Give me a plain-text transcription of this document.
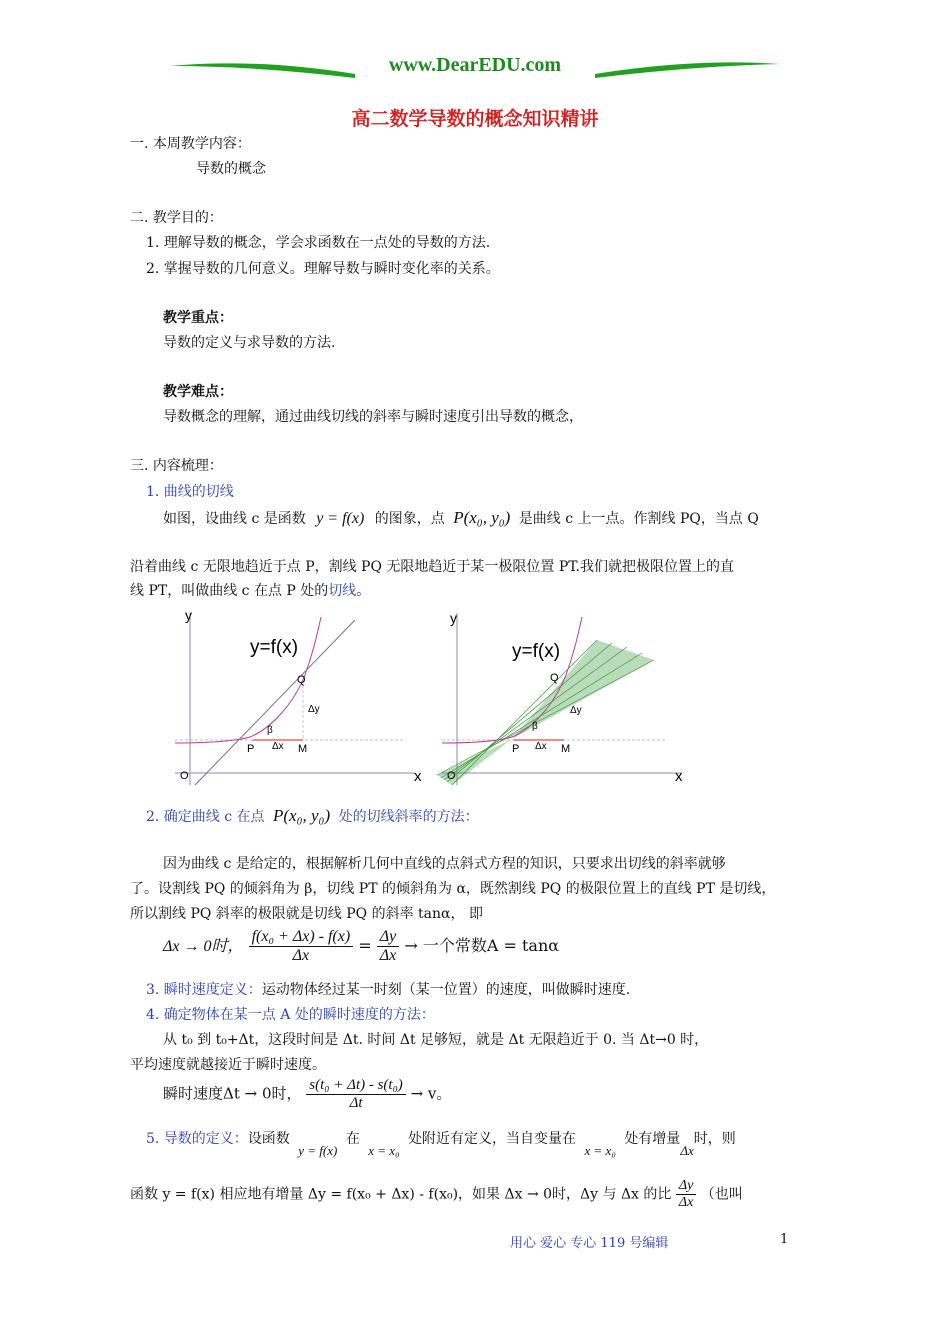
www.DearEDU.com
高二数学导数的概念知识精讲
一. 本周教学内容：
导数的概念
二. 教学目的：
1. 理解导数的概念，学会求函数在一点处的导数的方法.
2. 掌握导数的几何意义。理解导数与瞬时变化率的关系。
教学重点：
导数的定义与求导数的方法.
教学难点：
导数概念的理解，通过曲线切线的斜率与瞬时速度引出导数的概念，
三. 内容梳理：
1. 曲线的切线
如图，设曲线 c 是函数 y = f(x) 的图象，点 P(x₀, y₀) 是曲线 c 上一点。作割线 PQ，当点 Q
沿着曲线 c 无限地趋近于点 P，割线 PQ 无限地趋近于某一极限位置 PT.我们就把极限位置上的直
线 PT，叫做曲线 c 在点 P 处的切线。
y
x
O
y=f(x)
P
Q
M
Δx
Δy
β
y
x
O
y=f(x)
P
Q
M
Δx
Δy
β
2. 确定曲线 c 在点 P(x₀, y₀) 处的切线斜率的方法：
因为曲线 c 是给定的，根据解析几何中直线的点斜式方程的知识，只要求出切线的斜率就够
了。设割线 PQ 的倾斜角为 β，切线 PT 的倾斜角为 α，既然割线 PQ 的极限位置上的直线 PT 是切线，
所以割线 PQ 斜率的极限就是切线 PQ 的斜率 tanα， 即
Δx → 0时， $\frac{\text{f(x₀ + Δx) - f(x)}}{\Delta x} = \frac{\Delta y}{\Delta x}$ → 一个常数A = tanα
3. 瞬时速度定义：运动物体经过某一时刻（某一位置）的速度，叫做瞬时速度.
4. 确定物体在某一点 A 处的瞬时速度的方法：
从 t₀ 到 t₀+Δt，这段时间是 Δt. 时间 Δt 足够短，就是 Δt 无限趋近于 0. 当 Δt→0 时，
平均速度就越接近于瞬时速度。
瞬时速度Δt → 0时， $\frac{\text{s(t₀ + Δt) - s(t₀)}}{\Delta t} \to v$。
5. 导数的定义：设函数 y = f(x) 在 x = x₀ 处附近有定义，当自变量在 x = x₀ 处有增量Δx时，则
函数 y = f(x) 相应地有增量 Δy = f(x₀ + Δx) - f(x₀)，如果 Δx → 0时，Δy 与 Δx 的比 $\frac{\Delta y}{\Delta x}$ （也叫
用心 爱心 专心 119 号编辑	1
